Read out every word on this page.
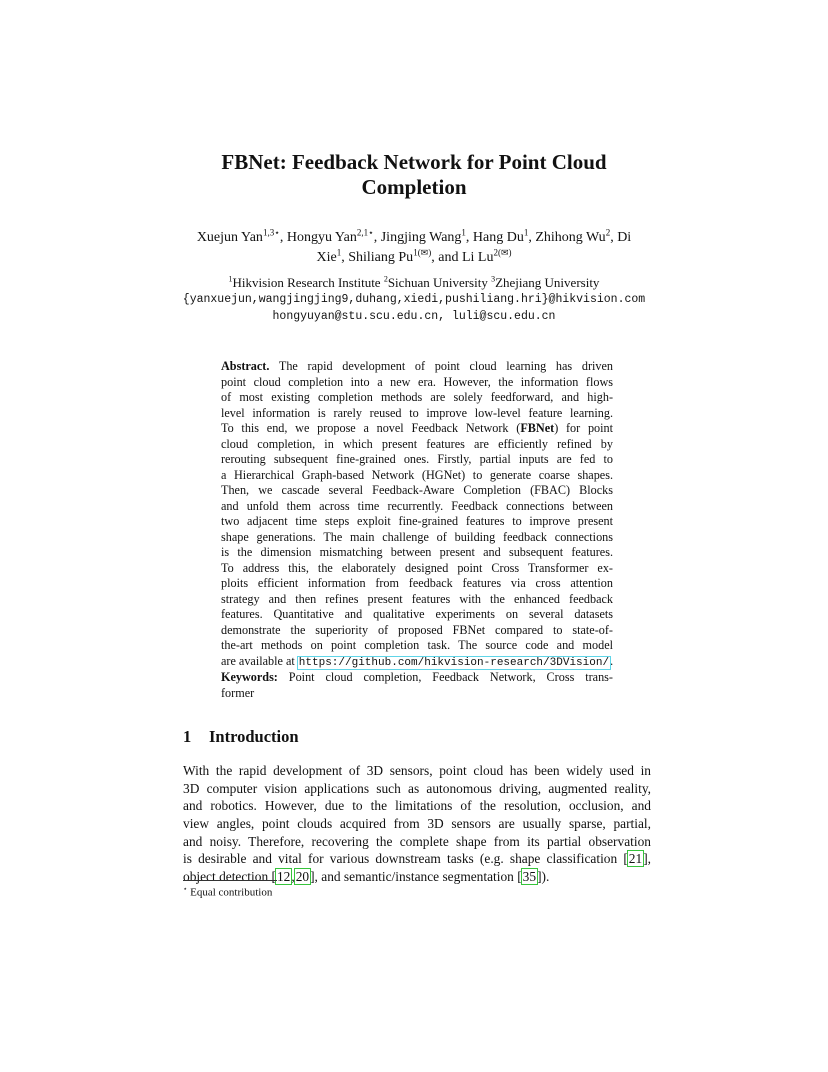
FBNet: Feedback Network for Point Cloud
Completion
Xuejun Yan$^{1,3⋆}$, Hongyu Yan$^{2,1⋆}$, Jingjing Wang$^1$, Hang Du$^1$, Zhihong Wu$^2$, Di
Xie$^1$, Shiliang $Pu^{1(✉)}$, and Li $Lu^{2(✉)}$
$^1$Hikvision Research Institute $^2$Sichuan University $^3$Zhejiang University
{yanxuejun,wangjingjing9,duhang,xiedi,pushiliang.hri}@hikvision.com
hongyuyan@stu.scu.edu.cn, luli@scu.edu.cn
Abstract. The rapid development of point cloud learning has driven
point cloud completion into a new era. However, the information flows
of most existing completion methods are solely feedforward, and high-
level information is rarely reused to improve low-level feature learning.
To this end, we propose a novel Feedback Network (FBNet) for point
cloud completion, in which present features are efficiently refined by
rerouting subsequent fine-grained ones. Firstly, partial inputs are fed to
a Hierarchical Graph-based Network (HGNet) to generate coarse shapes.
Then, we cascade several Feedback-Aware Completion (FBAC) Blocks
and unfold them across time recurrently. Feedback connections between
two adjacent time steps exploit fine-grained features to improve present
shape generations. The main challenge of building feedback connections
is the dimension mismatching between present and subsequent features.
To address this, the elaborately designed point Cross Transformer ex-
ploits efficient information from feedback features via cross attention
strategy and then refines present features with the enhanced feedback
features. Quantitative and qualitative experiments on several datasets
demonstrate the superiority of proposed FBNet compared to state-of-
the-art methods on point completion task. The source code and model
are available at https://github.com/hikvision-research/3DVision/.
Keywords: Point cloud completion, Feedback Network, Cross trans-
former
1 Introduction
With the rapid development of 3D sensors, point cloud has been widely used in
3D computer vision applications such as autonomous driving, augmented reality,
and robotics. However, due to the limitations of the resolution, occlusion, and
view angles, point clouds acquired from 3D sensors are usually sparse, partial,
and noisy. Therefore, recovering the complete shape from its partial observation
is desirable and vital for various downstream tasks (e.g. shape classification [21],
object detection [12,20], and semantic/instance segmentation [35]).
⋆ Equal contribution
